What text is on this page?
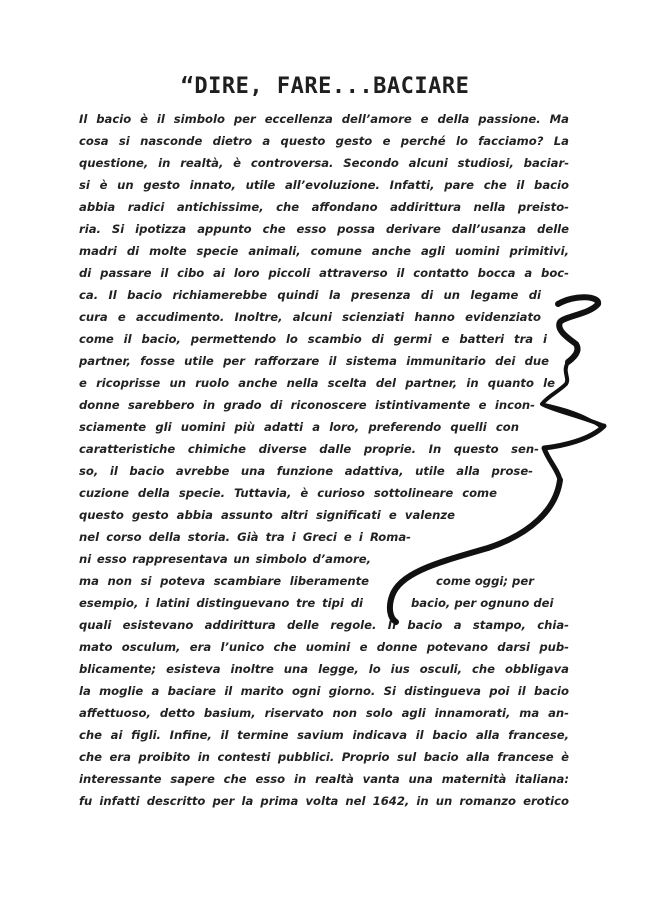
“DIRE, FARE...BACIARE
Il bacio è il simbolo per eccellenza dell’amore e della passione. Ma
cosa si nasconde dietro a questo gesto e perché lo facciamo? La
questione, in realtà, è controversa. Secondo alcuni studiosi, baciar-
si è un gesto innato, utile all’evoluzione. Infatti, pare che il bacio
abbia radici antichissime, che affondano addirittura nella preisto-
ria. Si ipotizza appunto che esso possa derivare dall’usanza delle
madri di molte specie animali, comune anche agli uomini primitivi,
di passare il cibo ai loro piccoli attraverso il contatto bocca a boc-
ca. Il bacio richiamerebbe quindi la presenza di un legame di
cura e accudimento. Inoltre, alcuni scienziati hanno evidenziato
come il bacio, permettendo lo scambio di germi e batteri tra i
partner, fosse utile per rafforzare il sistema immunitario dei due
e ricoprisse un ruolo anche nella scelta del partner, in quanto le
donne sarebbero in grado di riconoscere istintivamente e incon-
sciamente gli uomini più adatti a loro, preferendo quelli con
caratteristiche chimiche diverse dalle proprie. In questo sen-
so, il bacio avrebbe una funzione adattiva, utile alla prose-
cuzione della specie. Tuttavia, è curioso sottolineare come
questo gesto abbia assunto altri significati e valenze
nel corso della storia. Già tra i Greci e i Roma-
ni esso rappresentava un simbolo d’amore,
ma non si poteva scambiare liberamente	come oggi; per
esempio, i latini distinguevano tre tipi di	bacio, per ognuno dei
quali esistevano addirittura delle regole. Il bacio a stampo, chia-
mato osculum, era l’unico che uomini e donne potevano darsi pub-
blicamente; esisteva inoltre una legge, lo ius osculi, che obbligava
la moglie a baciare il marito ogni giorno. Si distingueva poi il bacio
affettuoso, detto basium, riservato non solo agli innamorati, ma an-
che ai figli. Infine, il termine savium indicava il bacio alla francese,
che era proibito in contesti pubblici. Proprio sul bacio alla francese è
interessante sapere che esso in realtà vanta una maternità italiana:
fu infatti descritto per la prima volta nel 1642, in un romanzo erotico
